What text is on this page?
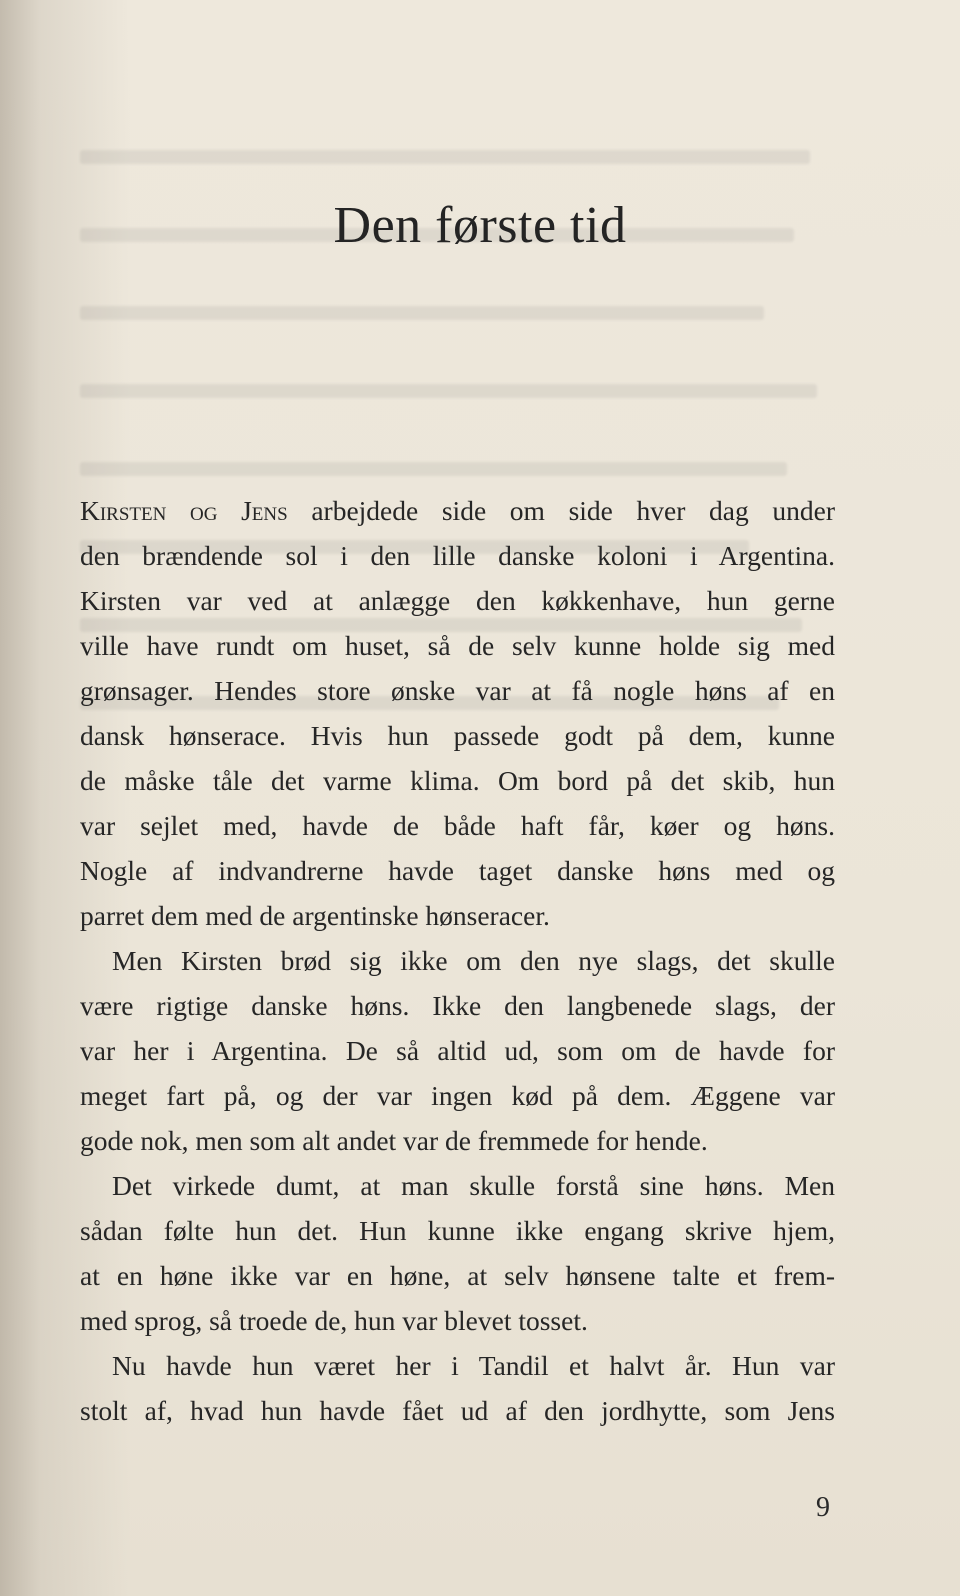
Den første tid
Kirsten og Jens arbejdede side om side hver dag under
den brændende sol i den lille danske koloni i Argentina.
Kirsten var ved at anlægge den køkkenhave, hun gerne
ville have rundt om huset, så de selv kunne holde sig med
grønsager. Hendes store ønske var at få nogle høns af en
dansk hønserace. Hvis hun passede godt på dem, kunne
de måske tåle det varme klima. Om bord på det skib, hun
var sejlet med, havde de både haft får, køer og høns.
Nogle af indvandrerne havde taget danske høns med og
parret dem med de argentinske hønseracer.
Men Kirsten brød sig ikke om den nye slags, det skulle
være rigtige danske høns. Ikke den langbenede slags, der
var her i Argentina. De så altid ud, som om de havde for
meget fart på, og der var ingen kød på dem. Æggene var
gode nok, men som alt andet var de fremmede for hende.
Det virkede dumt, at man skulle forstå sine høns. Men
sådan følte hun det. Hun kunne ikke engang skrive hjem,
at en høne ikke var en høne, at selv hønsene talte et frem-
med sprog, så troede de, hun var blevet tosset.
Nu havde hun været her i Tandil et halvt år. Hun var
stolt af, hvad hun havde fået ud af den jordhytte, som Jens
9
